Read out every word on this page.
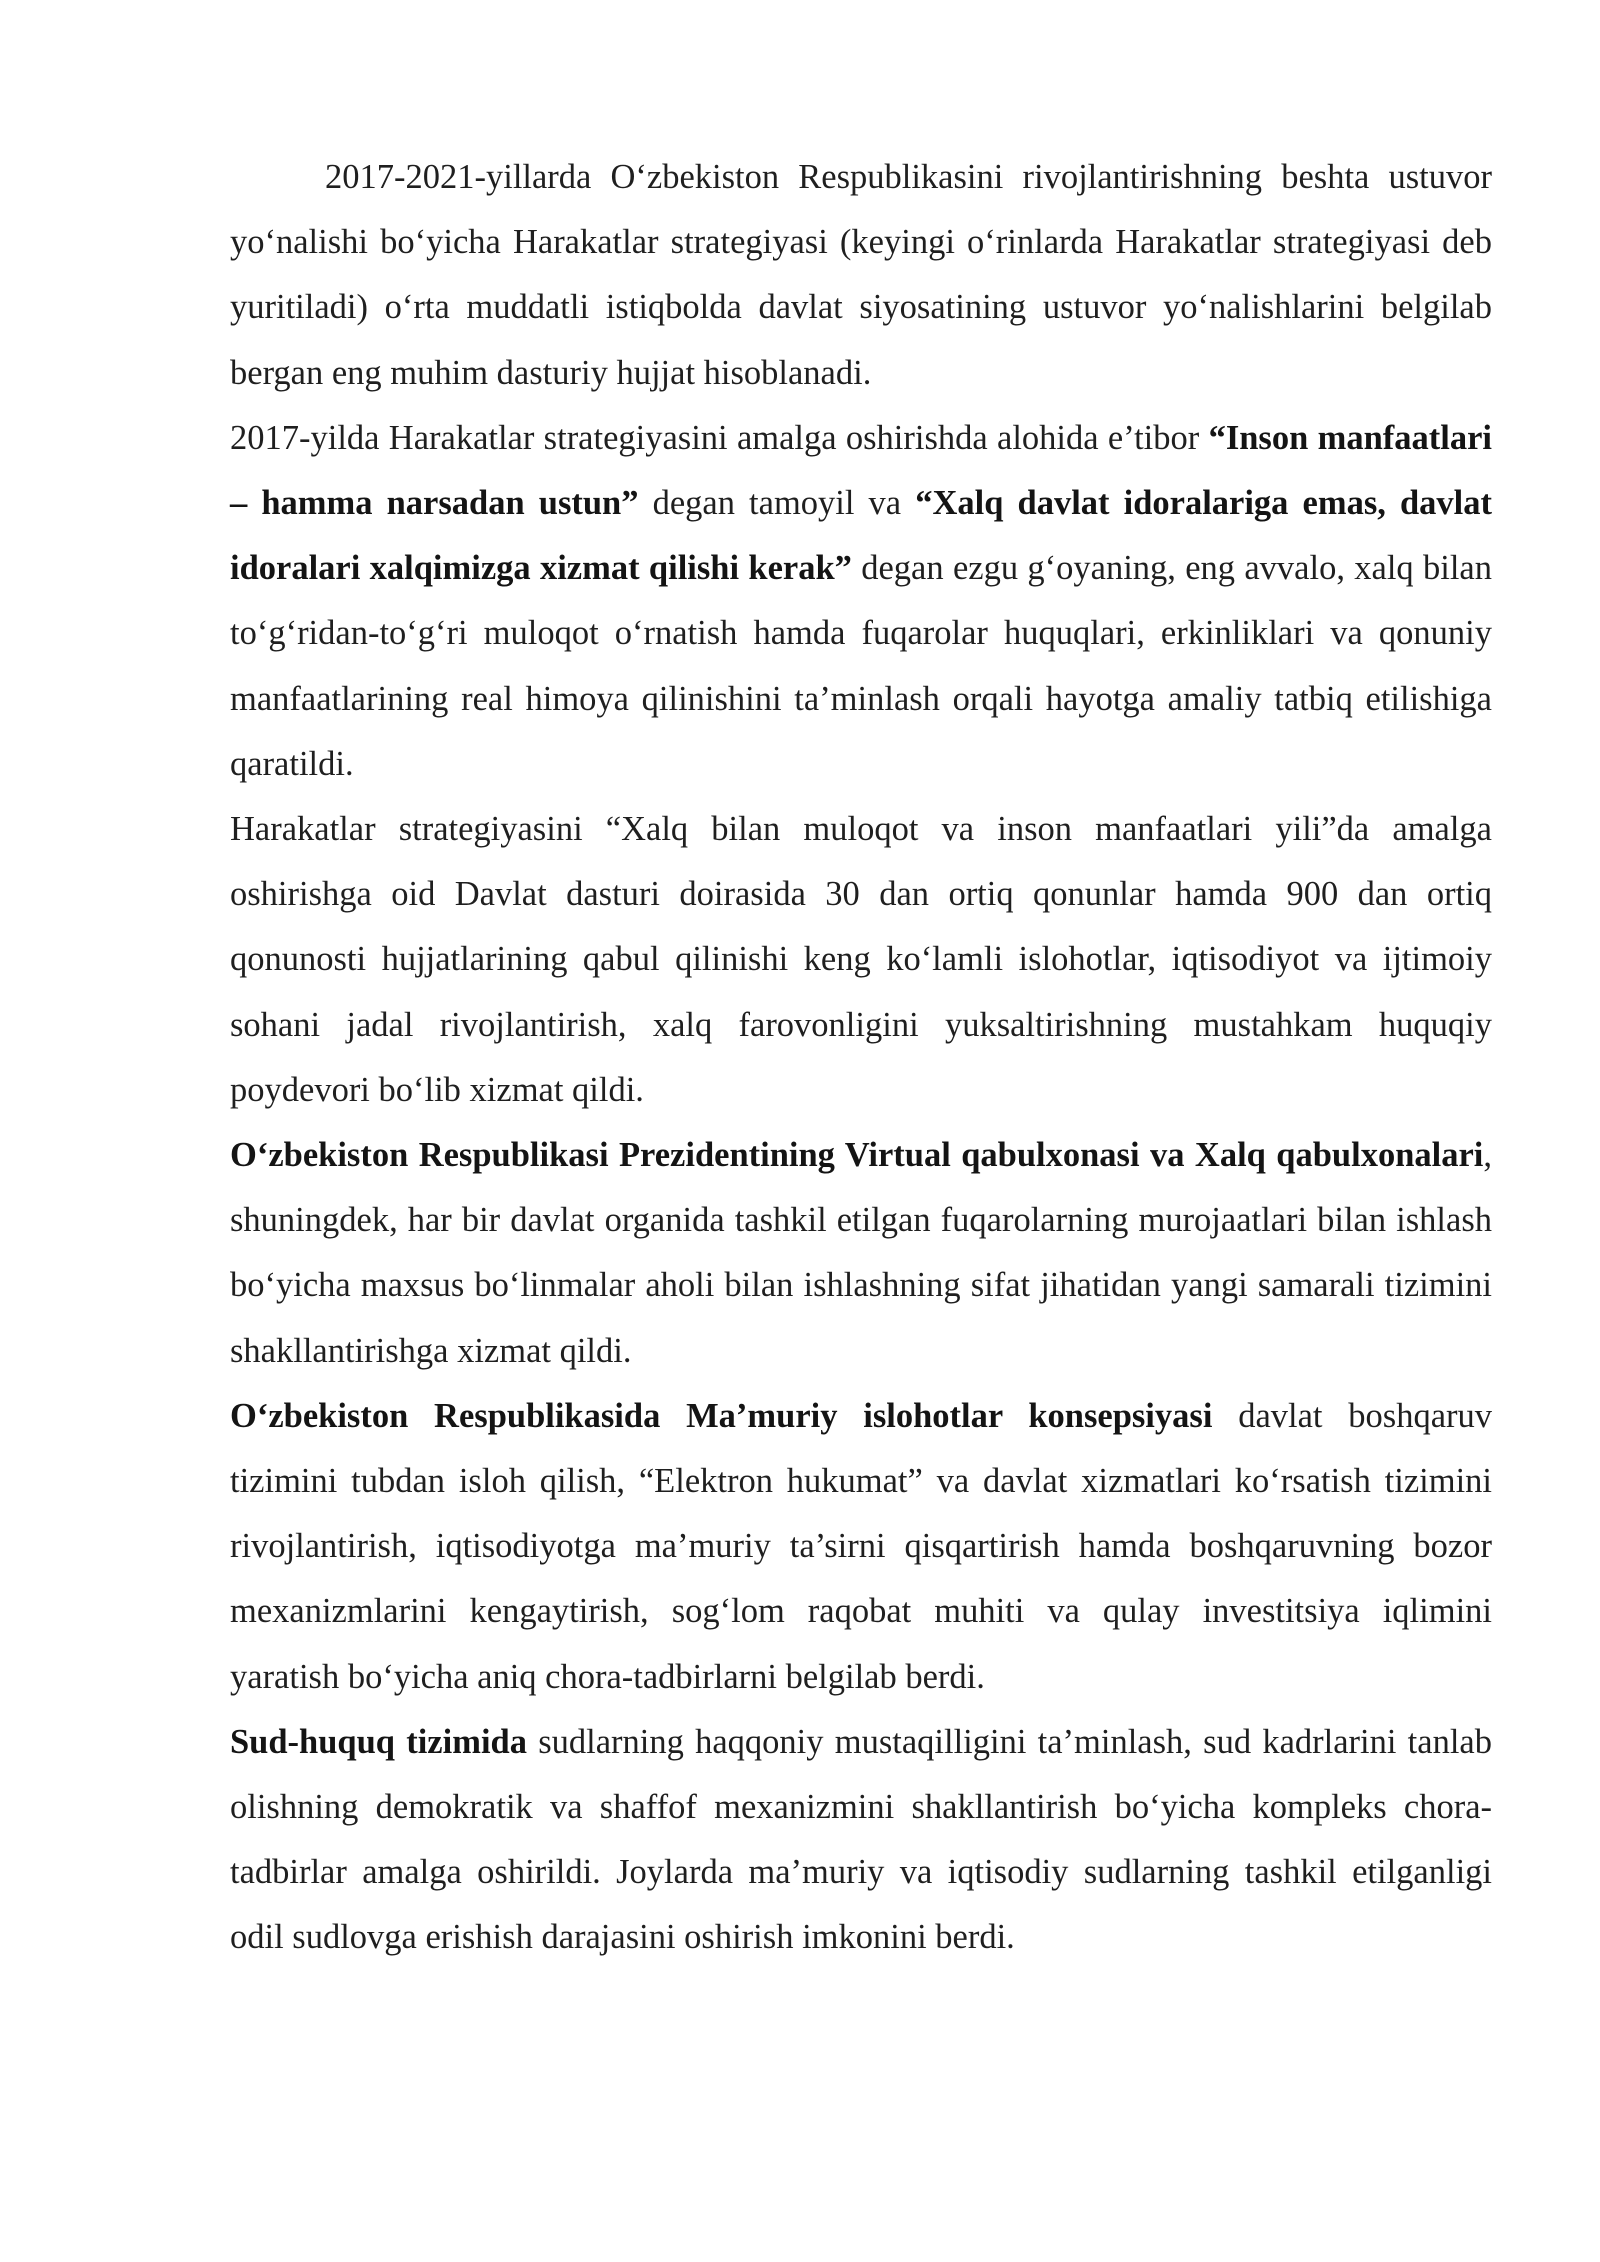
2017-2021-yillarda O‘zbekiston Respublikasini rivojlantirishning beshta ustuvor yo‘nalishi bo‘yicha Harakatlar strategiyasi (keyingi o‘rinlarda Harakatlar strategiyasi deb yuritiladi) o‘rta muddatli istiqbolda davlat siyosatining ustuvor yo‘nalishlarini belgilab bergan eng muhim dasturiy hujjat hisoblanadi.

2017-yilda Harakatlar strategiyasini amalga oshirishda alohida e’tibor “Inson manfaatlari – hamma narsadan ustun” degan tamoyil va “Xalq davlat idoralariga emas, davlat idoralari xalqimizga xizmat qilishi kerak” degan ezgu g‘oyaning, eng avvalo, xalq bilan to‘g‘ridan-to‘g‘ri muloqot o‘rnatish hamda fuqarolar huquqlari, erkinliklari va qonuniy manfaatlarining real himoya qilinishini ta’minlash orqali hayotga amaliy tatbiq etilishiga qaratildi.

Harakatlar strategiyasini “Xalq bilan muloqot va inson manfaatlari yili”da amalga oshirishga oid Davlat dasturi doirasida 30 dan ortiq qonunlar hamda 900 dan ortiq qonunosti hujjatlarining qabul qilinishi keng ko‘lamli islohotlar, iqtisodiyot va ijtimoiy sohani jadal rivojlantirish, xalq farovonligini yuksaltirishning mustahkam huquqiy poydevori bo‘lib xizmat qildi.

O‘zbekiston Respublikasi Prezidentining Virtual qabulxonasi va Xalq qabulxonalari, shuningdek, har bir davlat organida tashkil etilgan fuqarolarning murojaatlari bilan ishlash bo‘yicha maxsus bo‘linmalar aholi bilan ishlashning sifat jihatidan yangi samarali tizimini shakllantirishga xizmat qildi.

O‘zbekiston Respublikasida Ma’muriy islohotlar konsepsiyasi davlat boshqaruv tizimini tubdan isloh qilish, “Elektron hukumat” va davlat xizmatlari ko‘rsatish tizimini rivojlantirish, iqtisodiyotga ma’muriy ta’sirni qisqartirish hamda boshqaruvning bozor mexanizmlarini kengaytirish, sog‘lom raqobat muhiti va qulay investitsiya iqlimini yaratish bo‘yicha aniq chora-tadbirlarni belgilab berdi.

Sud-huquq tizimida sudlarning haqqoniy mustaqilligini ta’minlash, sud kadrlarini tanlab olishning demokratik va shaffof mexanizmini shakllantirish bo‘yicha kompleks chora-tadbirlar amalga oshirildi. Joylarda ma’muriy va iqtisodiy sudlarning tashkil etilganligi odil sudlovga erishish darajasini oshirish imkonini berdi.
